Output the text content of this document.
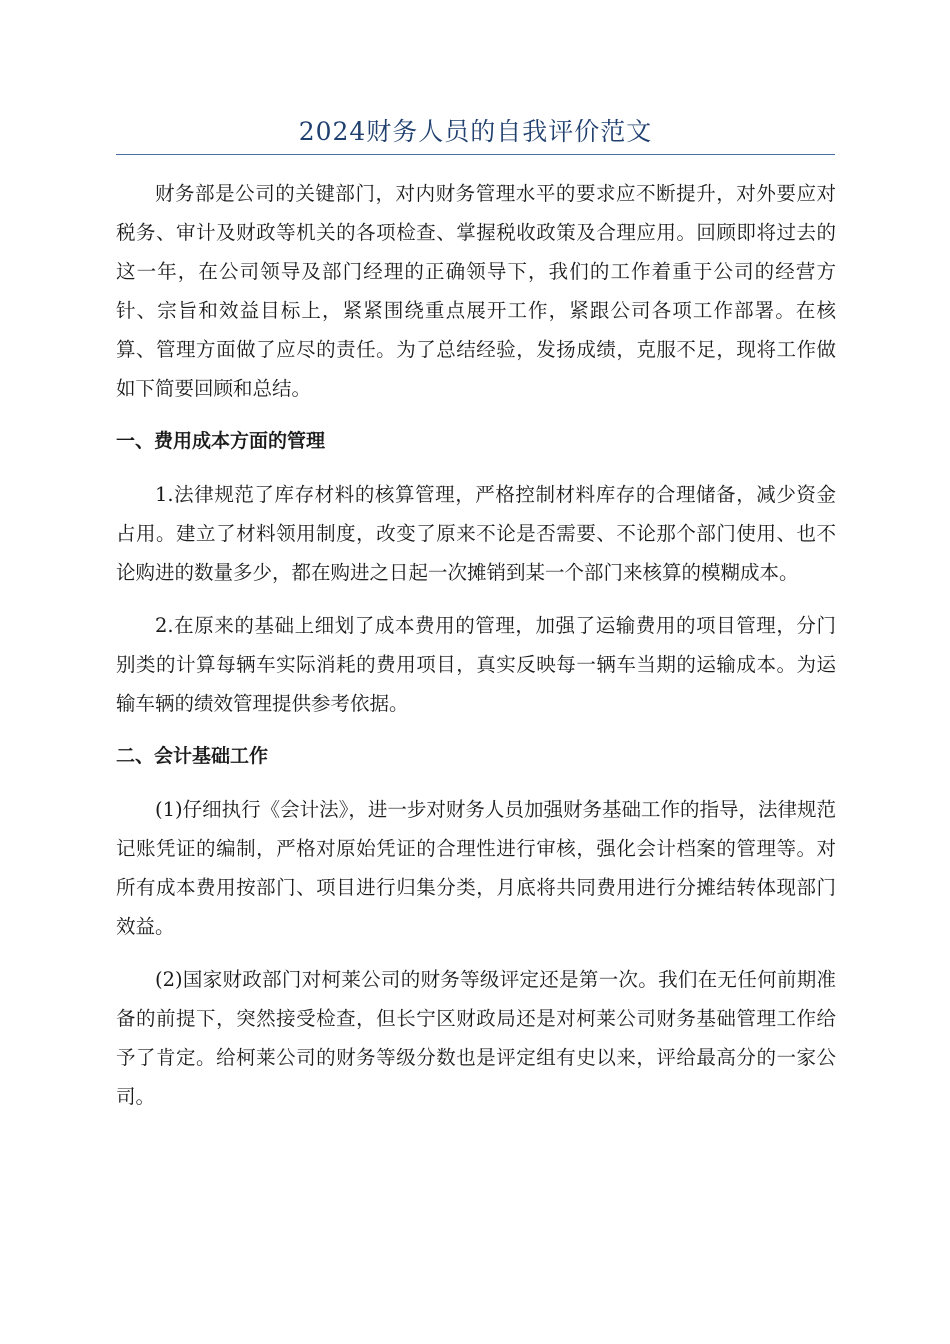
2024财务人员的自我评价范文

财务部是公司的关键部门，对内财务管理水平的要求应不断提升，对外要应对税务、审计及财政等机关的各项检查、掌握税收政策及合理应用。回顾即将过去的这一年，在公司领导及部门经理的正确领导下，我们的工作着重于公司的经营方针、宗旨和效益目标上，紧紧围绕重点展开工作，紧跟公司各项工作部署。在核算、管理方面做了应尽的责任。为了总结经验，发扬成绩，克服不足，现将工作做如下简要回顾和总结。

一、费用成本方面的管理

1.法律规范了库存材料的核算管理，严格控制材料库存的合理储备，减少资金占用。建立了材料领用制度，改变了原来不论是否需要、不论那个部门使用、也不论购进的数量多少，都在购进之日起一次摊销到某一个部门来核算的模糊成本。

2.在原来的基础上细划了成本费用的管理，加强了运输费用的项目管理，分门别类的计算每辆车实际消耗的费用项目，真实反映每一辆车当期的运输成本。为运输车辆的绩效管理提供参考依据。

二、会计基础工作

(1)仔细执行《会计法》，进一步对财务人员加强财务基础工作的指导，法律规范记账凭证的编制，严格对原始凭证的合理性进行审核，强化会计档案的管理等。对所有成本费用按部门、项目进行归集分类，月底将共同费用进行分摊结转体现部门效益。

(2)国家财政部门对柯莱公司的财务等级评定还是第一次。我们在无任何前期准备的前提下，突然接受检查，但长宁区财政局还是对柯莱公司财务基础管理工作给予了肯定。给柯莱公司的财务等级分数也是评定组有史以来，评给最高分的一家公司。
